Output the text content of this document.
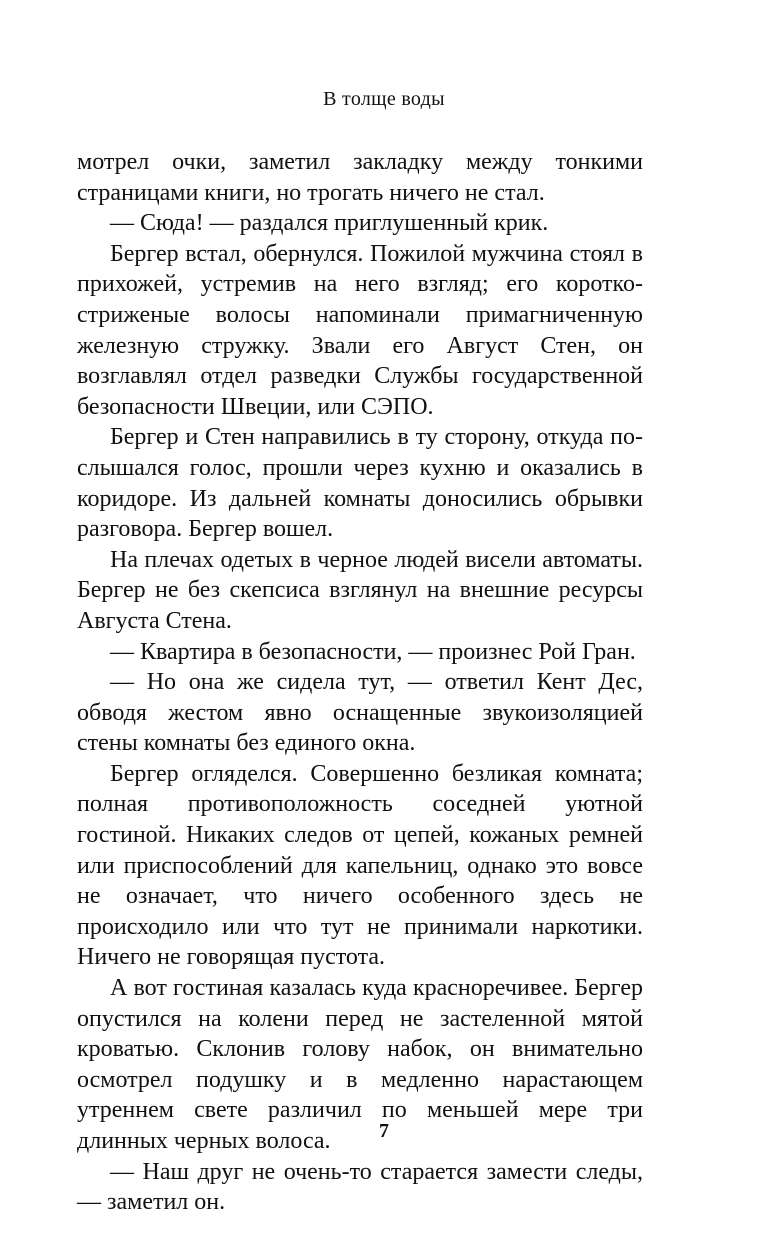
В толще воды

мотрел очки, заметил закладку между тонкими страницами книги, но трогать ничего не стал.

— Сюда! — раздался приглушенный крик.

Бергер встал, обернулся. Пожилой мужчина стоял в прихожей, устремив на него взгляд; его короткостриженые волосы напоминали примагниченную железную стружку. Звали его Август Стен, он возглавлял отдел разведки Службы государственной безопасности Швеции, или СЭПО.

Бергер и Стен направились в ту сторону, откуда послышался голос, прошли через кухню и оказались в коридоре. Из дальней комнаты доносились обрывки разговора. Бергер вошел.

На плечах одетых в черное людей висели автоматы. Бергер не без скепсиса взглянул на внешние ресурсы Августа Стена.

— Квартира в безопасности, — произнес Рой Гран.

— Но она же сидела тут, — ответил Кент Дес, обводя жестом явно оснащенные звукоизоляцией стены комнаты без единого окна.

Бергер огляделся. Совершенно безликая комната; полная противоположность соседней уютной гостиной. Никаких следов от цепей, кожаных ремней или приспособлений для капельниц, однако это вовсе не означает, что ничего особенного здесь не происходило или что тут не принимали наркотики. Ничего не говорящая пустота.

А вот гостиная казалась куда красноречивее. Бергер опустился на колени перед не застеленной мятой кроватью. Склонив голову набок, он внимательно осмотрел подушку и в медленно нарастающем утреннем свете различил по меньшей мере три длинных черных волоса.

— Наш друг не очень-то старается замести следы, — заметил он.

7
